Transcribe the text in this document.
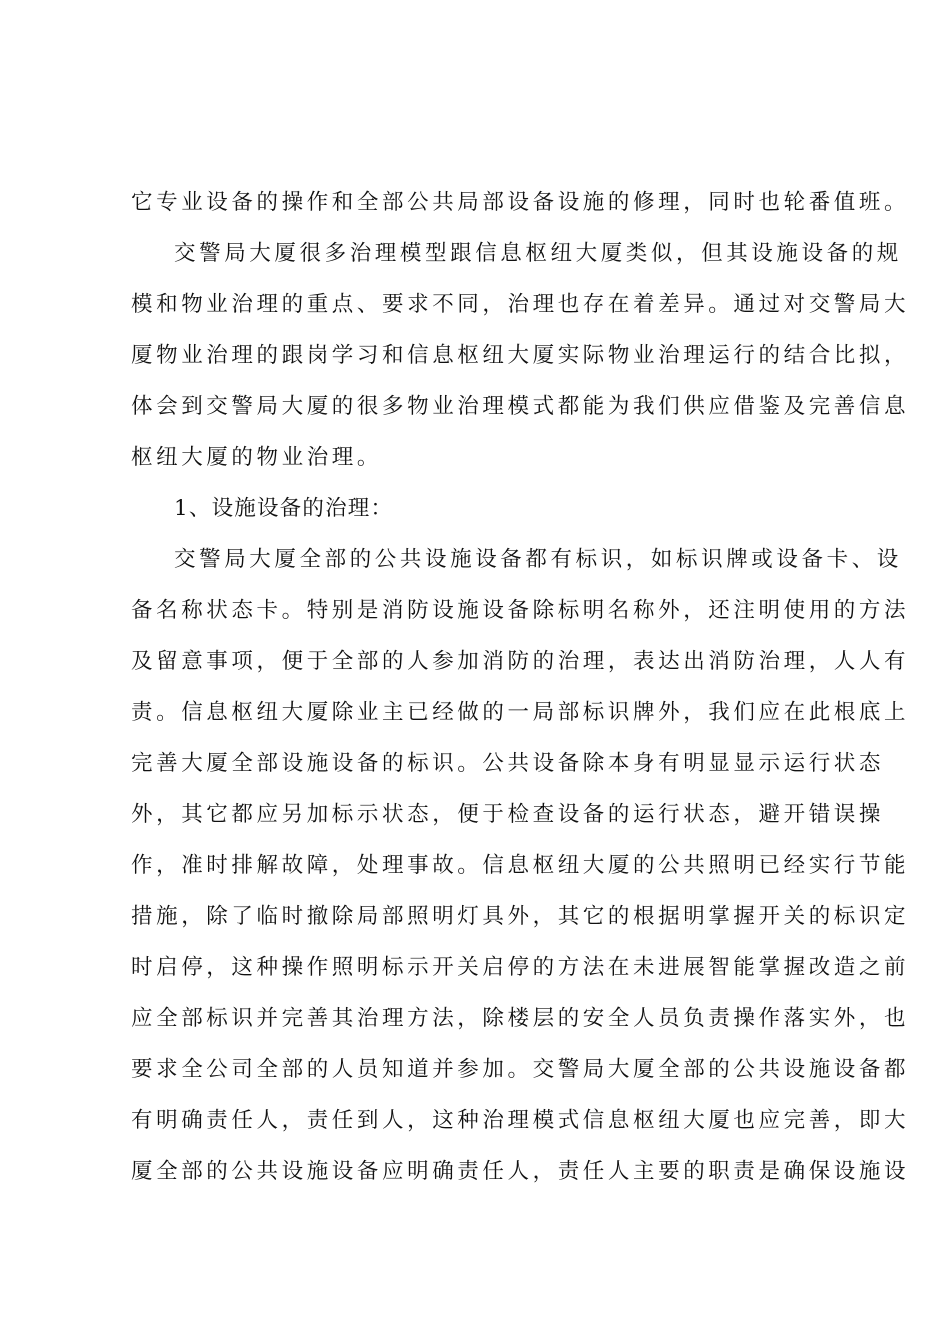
它专业设备的操作和全部公共局部设备设施的修理，同时也轮番值班。
交警局大厦很多治理模型跟信息枢纽大厦类似，但其设施设备的规
模和物业治理的重点、要求不同，治理也存在着差异。通过对交警局大
厦物业治理的跟岗学习和信息枢纽大厦实际物业治理运行的结合比拟，
体会到交警局大厦的很多物业治理模式都能为我们供应借鉴及完善信息
枢纽大厦的物业治理。
1、设施设备的治理：
交警局大厦全部的公共设施设备都有标识，如标识牌或设备卡、设
备名称状态卡。特别是消防设施设备除标明名称外，还注明使用的方法
及留意事项，便于全部的人参加消防的治理，表达出消防治理，人人有
责。信息枢纽大厦除业主已经做的一局部标识牌外，我们应在此根底上
完善大厦全部设施设备的标识。公共设备除本身有明显显示运行状态
外，其它都应另加标示状态，便于检查设备的运行状态，避开错误操
作，准时排解故障，处理事故。信息枢纽大厦的公共照明已经实行节能
措施，除了临时撤除局部照明灯具外，其它的根据明掌握开关的标识定
时启停，这种操作照明标示开关启停的方法在未进展智能掌握改造之前
应全部标识并完善其治理方法，除楼层的安全人员负责操作落实外，也
要求全公司全部的人员知道并参加。交警局大厦全部的公共设施设备都
有明确责任人，责任到人，这种治理模式信息枢纽大厦也应完善，即大
厦全部的公共设施设备应明确责任人，责任人主要的职责是确保设施设
